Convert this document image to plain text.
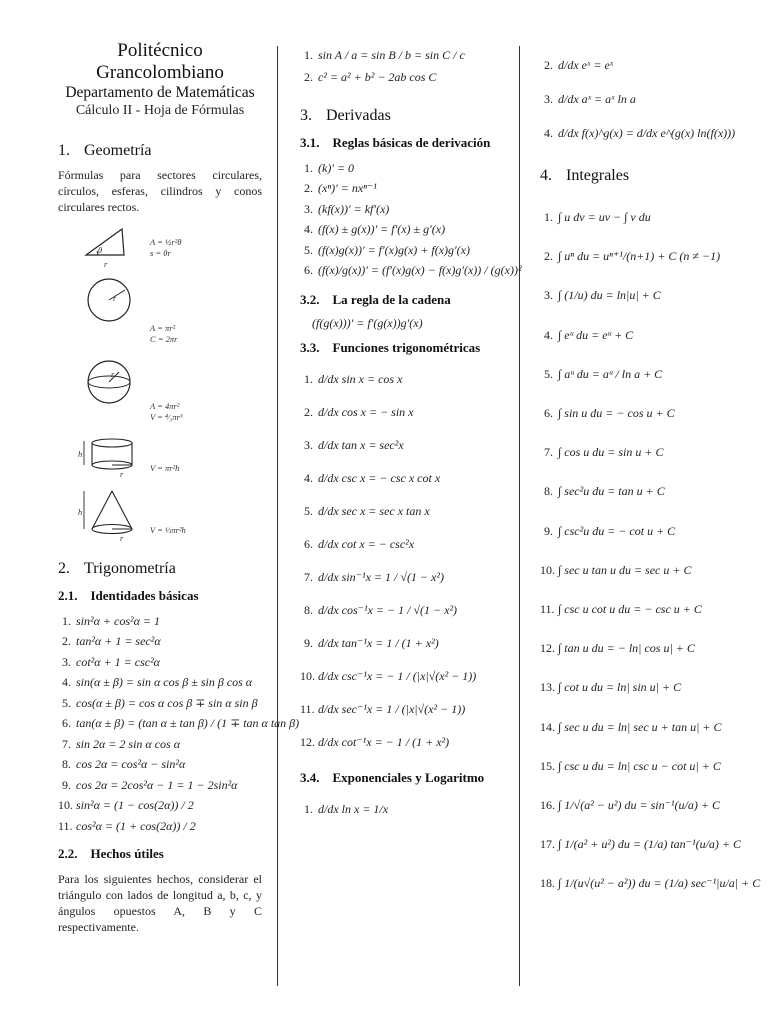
Politécnico Grancolombiano
Departamento de Matemáticas
Cálculo II - Hoja de Fórmulas
1. Geometría

Fórmulas para sectores circulares, círculos, esferas, cilindros y conos circulares rectos.

θ
r
A = ½r²θ
s = θr
r
A = πr²
C = 2πr
r
A = 4πr²
V = ⁴⁄₃πr³
h
r
V = πr²h
h
r
V = ⅓πr²h
2. Trigonometría
2.1. Identidades básicas
1. sin²α + cos²α = 1
2. tan²α + 1 = sec²α
3. cot²α + 1 = csc²α
4. sin(α ± β) = sin α cos β ± sin β cos α
5. cos(α ± β) = cos α cos β ∓ sin α sin β
6. tan(α ± β) = (tan α ± tan β) / (1 ∓ tan α tan β)
7. sin 2α = 2 sin α cos α
8. cos 2α = cos²α − sin²α
9. cos 2α = 2cos²α − 1 = 1 − 2sin²α
10. sin²α = (1 − cos(2α)) / 2
11. cos²α = (1 + cos(2α)) / 2
2.2. Hechos útiles

Para los siguientes hechos, considerar el triángulo con lados de longitud a, b, c, y ángulos opuestos A, B y C respectivamente.

1. sin A / a = sin B / b = sin C / c
2. c² = a² + b² − 2ab cos C
3. Derivadas
3.1. Reglas básicas de derivación
1. (k)′ = 0
2. (xⁿ)′ = nxⁿ⁻¹
3. (kf(x))′ = kf′(x)
4. (f(x) ± g(x))′ = f′(x) ± g′(x)
5. (f(x)g(x))′ = f′(x)g(x) + f(x)g′(x)
6. (f(x)/g(x))′ = (f′(x)g(x) − f(x)g′(x)) / (g(x))²
3.2. La regla de la cadena
(f(g(x)))′ = f′(g(x))g′(x)
3.3. Funciones trigonométricas
1. d/dx sin x = cos x
2. d/dx cos x = − sin x
3. d/dx tan x = sec²x
4. d/dx csc x = − csc x cot x
5. d/dx sec x = sec x tan x
6. d/dx cot x = − csc²x
7. d/dx sin⁻¹x = 1 / √(1 − x²)
8. d/dx cos⁻¹x = − 1 / √(1 − x²)
9. d/dx tan⁻¹x = 1 / (1 + x²)
10. d/dx csc⁻¹x = − 1 / (|x|√(x² − 1))
11. d/dx sec⁻¹x = 1 / (|x|√(x² − 1))
12. d/dx cot⁻¹x = − 1 / (1 + x²)
3.4. Exponenciales y Logaritmo
1. d/dx ln x = 1/x
2. d/dx eˣ = eˣ
3. d/dx aˣ = aˣ ln a
4. d/dx f(x)^g(x) = d/dx e^(g(x) ln(f(x)))
4. Integrales
1. ∫ u dv = uv − ∫ v du
2. ∫ uⁿ du = uⁿ⁺¹/(n+1) + C (n ≠ −1)
3. ∫ (1/u) du = ln|u| + C
4. ∫ eᵘ du = eᵘ + C
5. ∫ aᵘ du = aᵘ / ln a + C
6. ∫ sin u du = − cos u + C
7. ∫ cos u du = sin u + C
8. ∫ sec²u du = tan u + C
9. ∫ csc²u du = − cot u + C
10. ∫ sec u tan u du = sec u + C
11. ∫ csc u cot u du = − csc u + C
12. ∫ tan u du = − ln| cos u| + C
13. ∫ cot u du = ln| sin u| + C
14. ∫ sec u du = ln| sec u + tan u| + C
15. ∫ csc u du = ln| csc u − cot u| + C
16. ∫ 1/√(a² − u²) du = sin⁻¹(u/a) + C
17. ∫ 1/(a² + u²) du = (1/a) tan⁻¹(u/a) + C
18. ∫ 1/(u√(u² − a²)) du = (1/a) sec⁻¹|u/a| + C
